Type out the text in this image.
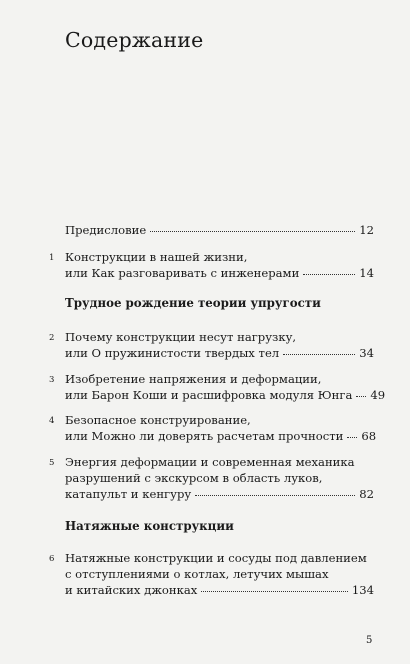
Содержание
Предисловие	12
1 Конструкции в нашей жизни,
или Как разговаривать с инженерами	14
Трудное рождение теории упругости
2 Почему конструкции несут нагрузку,
или О пружинистости твердых тел	34
3 Изобретение напряжения и деформации,
или Барон Коши и расшифровка модуля Юнга 49
4 Безопасное конструирование,
или Можно ли доверять расчетам прочности 68
5 Энергия деформации и современная механика
разрушений с экскурсом в область луков,
катапульт и кенгуру	82
Натяжные конструкции
6 Натяжные конструкции и сосуды под давлением
с отступлениями о котлах, летучих мышах
и китайских джонках	134
5
